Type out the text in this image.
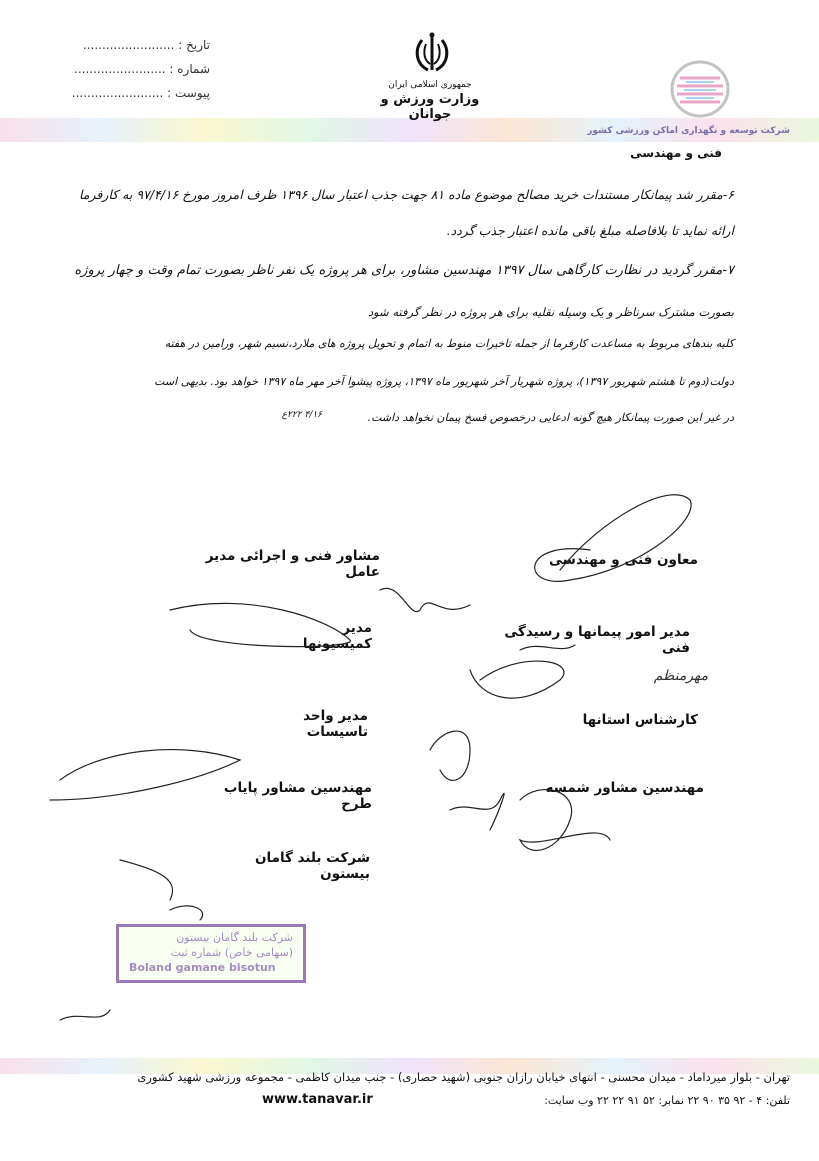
تاریخ : ........................
شماره : ........................
پیوست : ........................
جمهوری اسلامی ایران
وزارت ورزش و جوانان
شرکت توسعه و نگهداری اماکن ورزشی کشور
فنی و مهندسی
۶-مقرر شد پیمانکار مستندات خرید مصالح موضوع ماده ۸۱ جهت جذب اعتبار سال ۱۳۹۶ ظرف امروز مورخ ۹۷/۴/۱۶ به کارفرما
ارائه نماید تا بلافاصله مبلغ باقی مانده اعتبار جذب گردد.
۷-مقرر گردید در نظارت کارگاهی سال ۱۳۹۷ مهندسین مشاور، برای هر پروژه یک نفر ناظر بصورت تمام وقت و چهار پروژه
بصورت مشترک سرناظر و یک وسیله نقلیه برای هر پروژه در نظر گرفته شود
کلیه بندهای مربوط به مساعدت کارفرما از جمله تاخیرات منوط به اتمام و تحویل پروژه های ملارد،نسیم شهر، ورامین در هفته
دولت(دوم تا هشتم شهریور ۱۳۹۷)، پروژه شهریار آخر شهریور ماه ۱۳۹۷، پروژه پیشوا آخر مهر ماه ۱۳۹۷ خواهد بود. بدیهی است
در غیر این صورت پیمانکار هیچ گونه ادعایی درخصوص فسخ پیمان نخواهد داشت.
۴/۱۶ ۲۲۲ع
معاون فنی و مهندسی
مشاور فنی و اجرائی مدیر عامل
مدیر امور پیمانها و رسیدگی فنی
مدیر کمیسیونها
مهرمنظم
کارشناس استانها
مدیر واحد تاسیسات
مهندسین مشاور شمسه
مهندسین مشاور پایاب طرح
شرکت بلند گامان بیستون
شرکت بلند گامان بیستون
(سهامی خاص) شماره ثبت
Boland gamane bisotun
تهران - بلوار میرداماد - میدان محسنی - انتهای خیابان رازان جنوبی (شهید حصاری) - جنب میدان کاظمی - مجموعه ورزشی شهید کشوری
تلفن: ۴ - ۹۲ ۳۵ ۹۰ ۲۲ نمابر: ۵۲ ۹۱ ۲۲ ۲۲ وب سایت:
www.tanavar.ir
